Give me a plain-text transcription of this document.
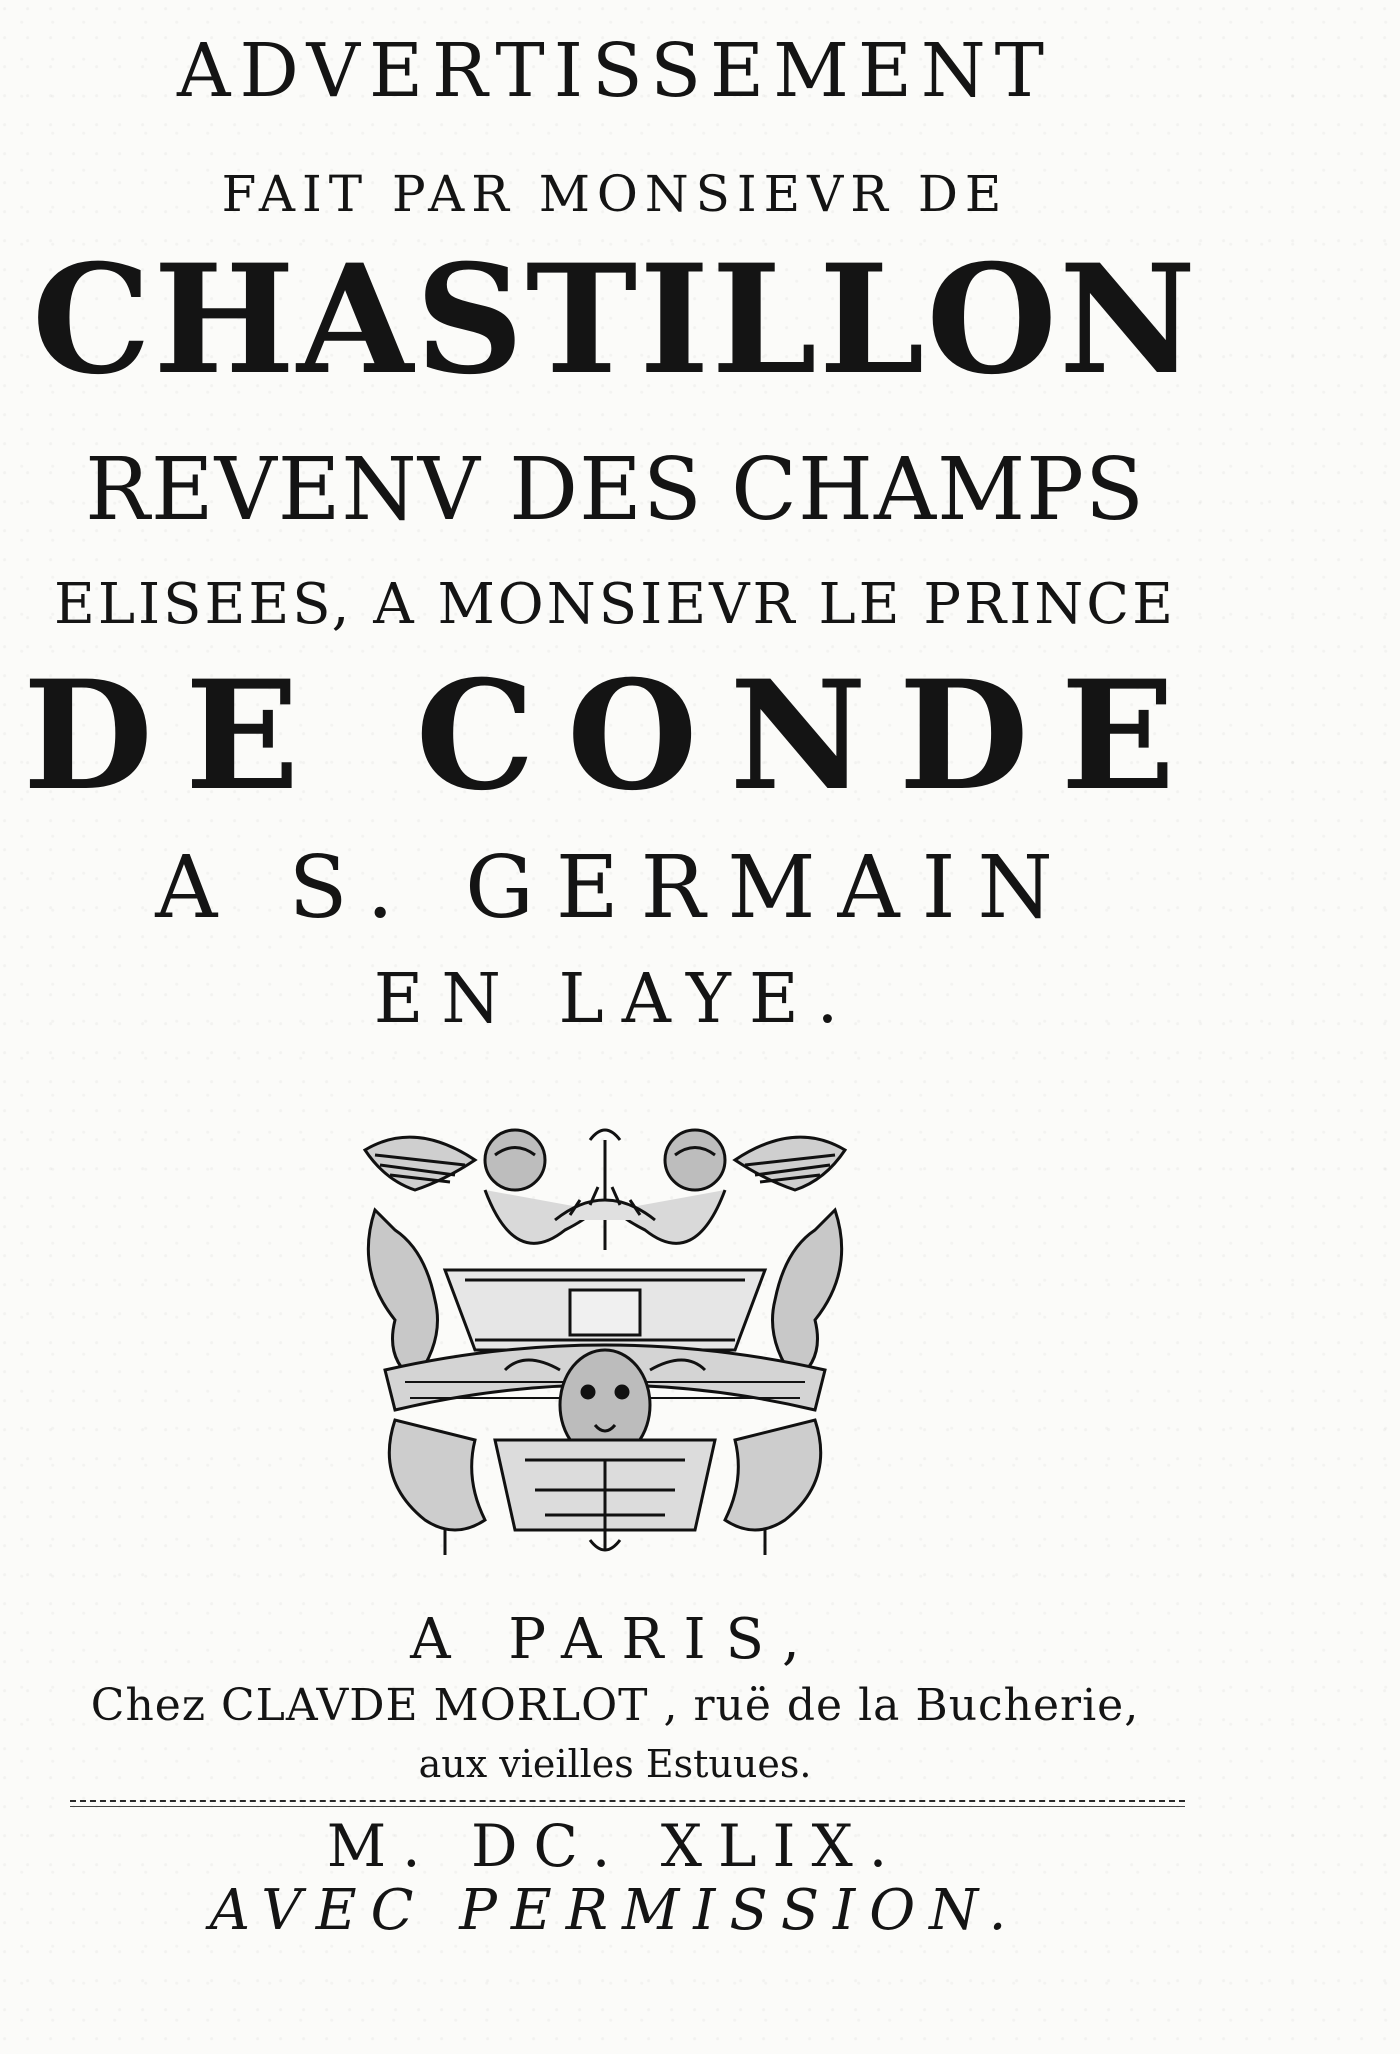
ADVERTISSEMENT
FAIT PAR MONSIEVR DE
CHASTILLON
REVENV DES CHAMPS
ELISEES, A MONSIEVR LE PRINCE
DE CONDE
A S. GERMAIN
EN LAYE.
A PARIS,
Chez CLAVDE MORLOT , ruë de la Bucherie,
aux vieilles Estuues.
M. DC. XLIX.
AVEC PERMISSION.
